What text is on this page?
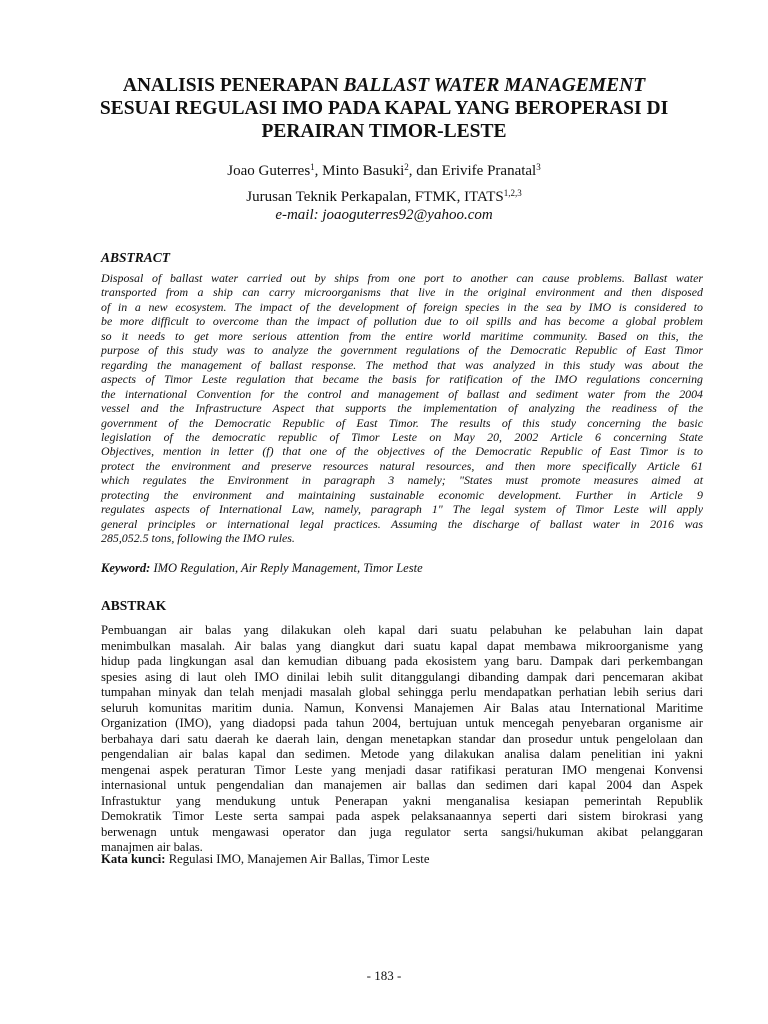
ANALISIS PENERAPAN BALLAST WATER MANAGEMENT
SESUAI REGULASI IMO PADA KAPAL YANG BEROPERASI DI
PERAIRAN TIMOR-LESTE
Joao Guterres$^1$, Minto Basuki$^2$, dan Erivife Pranatal$^3$
Jurusan Teknik Perkapalan, FTMK, ITATS$^{1,2,3}$
e-mail: joaoguterres92@yahoo.com
ABSTRACT
Disposal of ballast water carried out by ships from one port to another can cause problems. Ballast water
transported from a ship can carry microorganisms that live in the original environment and then disposed
of in a new ecosystem. The impact of the development of foreign species in the sea by IMO is considered to
be more difficult to overcome than the impact of pollution due to oil spills and has become a global problem
so it needs to get more serious attention from the entire world maritime community. Based on this, the
purpose of this study was to analyze the government regulations of the Democratic Republic of East Timor
regarding the management of ballast response. The method that was analyzed in this study was about the
aspects of Timor Leste regulation that became the basis for ratification of the IMO regulations concerning
the international Convention for the control and management of ballast and sediment water from the 2004
vessel and the Infrastructure Aspect that supports the implementation of analyzing the readiness of the
government of the Democratic Republic of East Timor. The results of this study concerning the basic
legislation of the democratic republic of Timor Leste on May 20, 2002 Article 6 concerning State
Objectives, mention in letter (f) that one of the objectives of the Democratic Republic of East Timor is to
protect the environment and preserve resources natural resources, and then more specifically Article 61
which regulates the Environment in paragraph 3 namely; "States must promote measures aimed at
protecting the environment and maintaining sustainable economic development. Further in Article 9
regulates aspects of International Law, namely, paragraph 1" The legal system of Timor Leste will apply
general principles or international legal practices. Assuming the discharge of ballast water in 2016 was
285,052.5 tons, following the IMO rules.
Keyword: IMO Regulation, Air Reply Management, Timor Leste
ABSTRAK
Pembuangan air balas yang dilakukan oleh kapal dari suatu pelabuhan ke pelabuhan lain dapat
menimbulkan masalah. Air balas yang diangkut dari suatu kapal dapat membawa mikroorganisme yang
hidup pada lingkungan asal dan kemudian dibuang pada ekosistem yang baru. Dampak dari perkembangan
spesies asing di laut oleh IMO dinilai lebih sulit ditanggulangi dibanding dampak dari pencemaran akibat
tumpahan minyak dan telah menjadi masalah global sehingga perlu mendapatkan perhatian lebih serius dari
seluruh komunitas maritim dunia. Namun, Konvensi Manajemen Air Balas atau International Maritime
Organization (IMO), yang diadopsi pada tahun 2004, bertujuan untuk mencegah penyebaran organisme air
berbahaya dari satu daerah ke daerah lain, dengan menetapkan standar dan prosedur untuk pengelolaan dan
pengendalian air balas kapal dan sedimen. Metode yang dilakukan analisa dalam penelitian ini yakni
mengenai aspek peraturan Timor Leste yang menjadi dasar ratifikasi peraturan IMO mengenai Konvensi
internasional untuk pengendalian dan manajemen air ballas dan sedimen dari kapal 2004 dan Aspek
Infrastuktur yang mendukung untuk Penerapan yakni menganalisa kesiapan pemerintah Republik
Demokratik Timor Leste serta sampai pada aspek pelaksanaannya seperti dari sistem birokrasi yang
berwenagn untuk mengawasi operator dan juga regulator serta sangsi/hukuman akibat pelanggaran
manajmen air balas.
Kata kunci: Regulasi IMO, Manajemen Air Ballas, Timor Leste
- 183 -
